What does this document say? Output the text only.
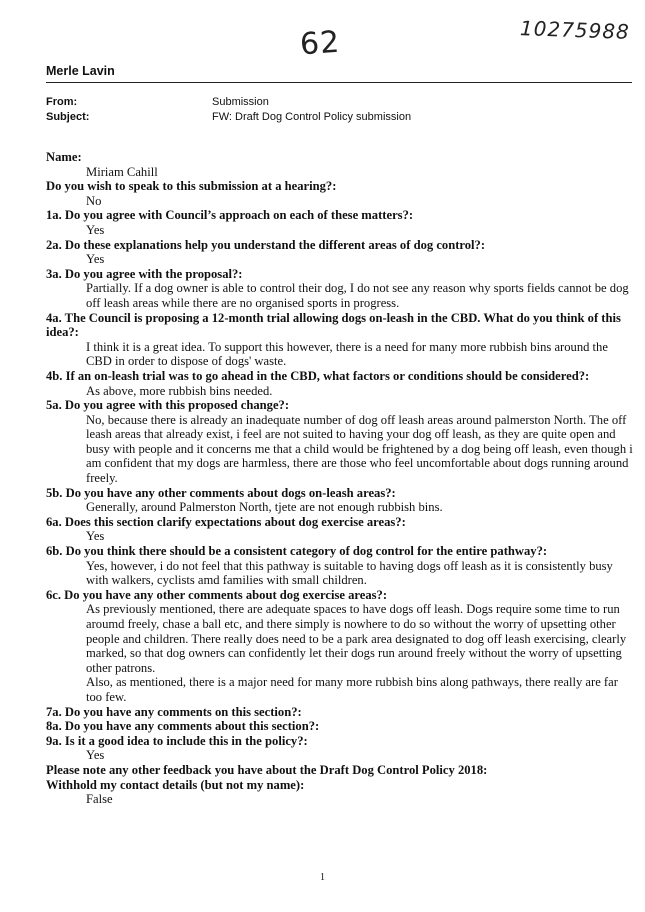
62	10275988
Merle Lavin
From:	Submission
Subject:	FW: Draft Dog Control Policy submission
Name:
Miriam Cahill
Do you wish to speak to this submission at a hearing?:
No
1a. Do you agree with Council’s approach on each of these matters?:
Yes
2a. Do these explanations help you understand the different areas of dog control?:
Yes
3a. Do you agree with the proposal?:
Partially. If a dog owner is able to control their dog, I do not see any reason why sports fields cannot be dog off leash areas while there are no organised sports in progress.
4a. The Council is proposing a 12-month trial allowing dogs on-leash in the CBD. What do you think of this idea?:
I think it is a great idea. To support this however, there is a need for many more rubbish bins around the CBD in order to dispose of dogs' waste.
4b. If an on-leash trial was to go ahead in the CBD, what factors or conditions should be considered?:
As above, more rubbish bins needed.
5a. Do you agree with this proposed change?:
No, because there is already an inadequate number of dog off leash areas around palmerston North. The off leash areas that already exist, i feel are not suited to having your dog off leash, as they are quite open and busy with people and it concerns me that a child would be frightened by a dog being off leash, even though i am confident that my dogs are harmless, there are those who feel uncomfortable about dogs running around freely.
5b. Do you have any other comments about dogs on-leash areas?:
Generally, around Palmerston North, tjete are not enough rubbish bins.
6a. Does this section clarify expectations about dog exercise areas?:
Yes
6b. Do you think there should be a consistent category of dog control for the entire pathway?:
Yes, however, i do not feel that this pathway is suitable to having dogs off leash as it is consistently busy with walkers, cyclists amd families with small children.
6c. Do you have any other comments about dog exercise areas?:
As previously mentioned, there are adequate spaces to have dogs off leash. Dogs require some time to run aroumd freely, chase a ball etc, and there simply is nowhere to do so without the worry of upsetting other people and children. There really does need to be a park area designated to dog off leash exercising, clearly marked, so that dog owners can confidently let their dogs run around freely without the worry of upsetting other patrons.
Also, as mentioned, there is a major need for many more rubbish bins along pathways, there really are far too few.
7a. Do you have any comments on this section?:
8a. Do you have any comments about this section?:
9a. Is it a good idea to include this in the policy?:
Yes
Please note any other feedback you have about the Draft Dog Control Policy 2018:
Withhold my contact details (but not my name):
False
1
